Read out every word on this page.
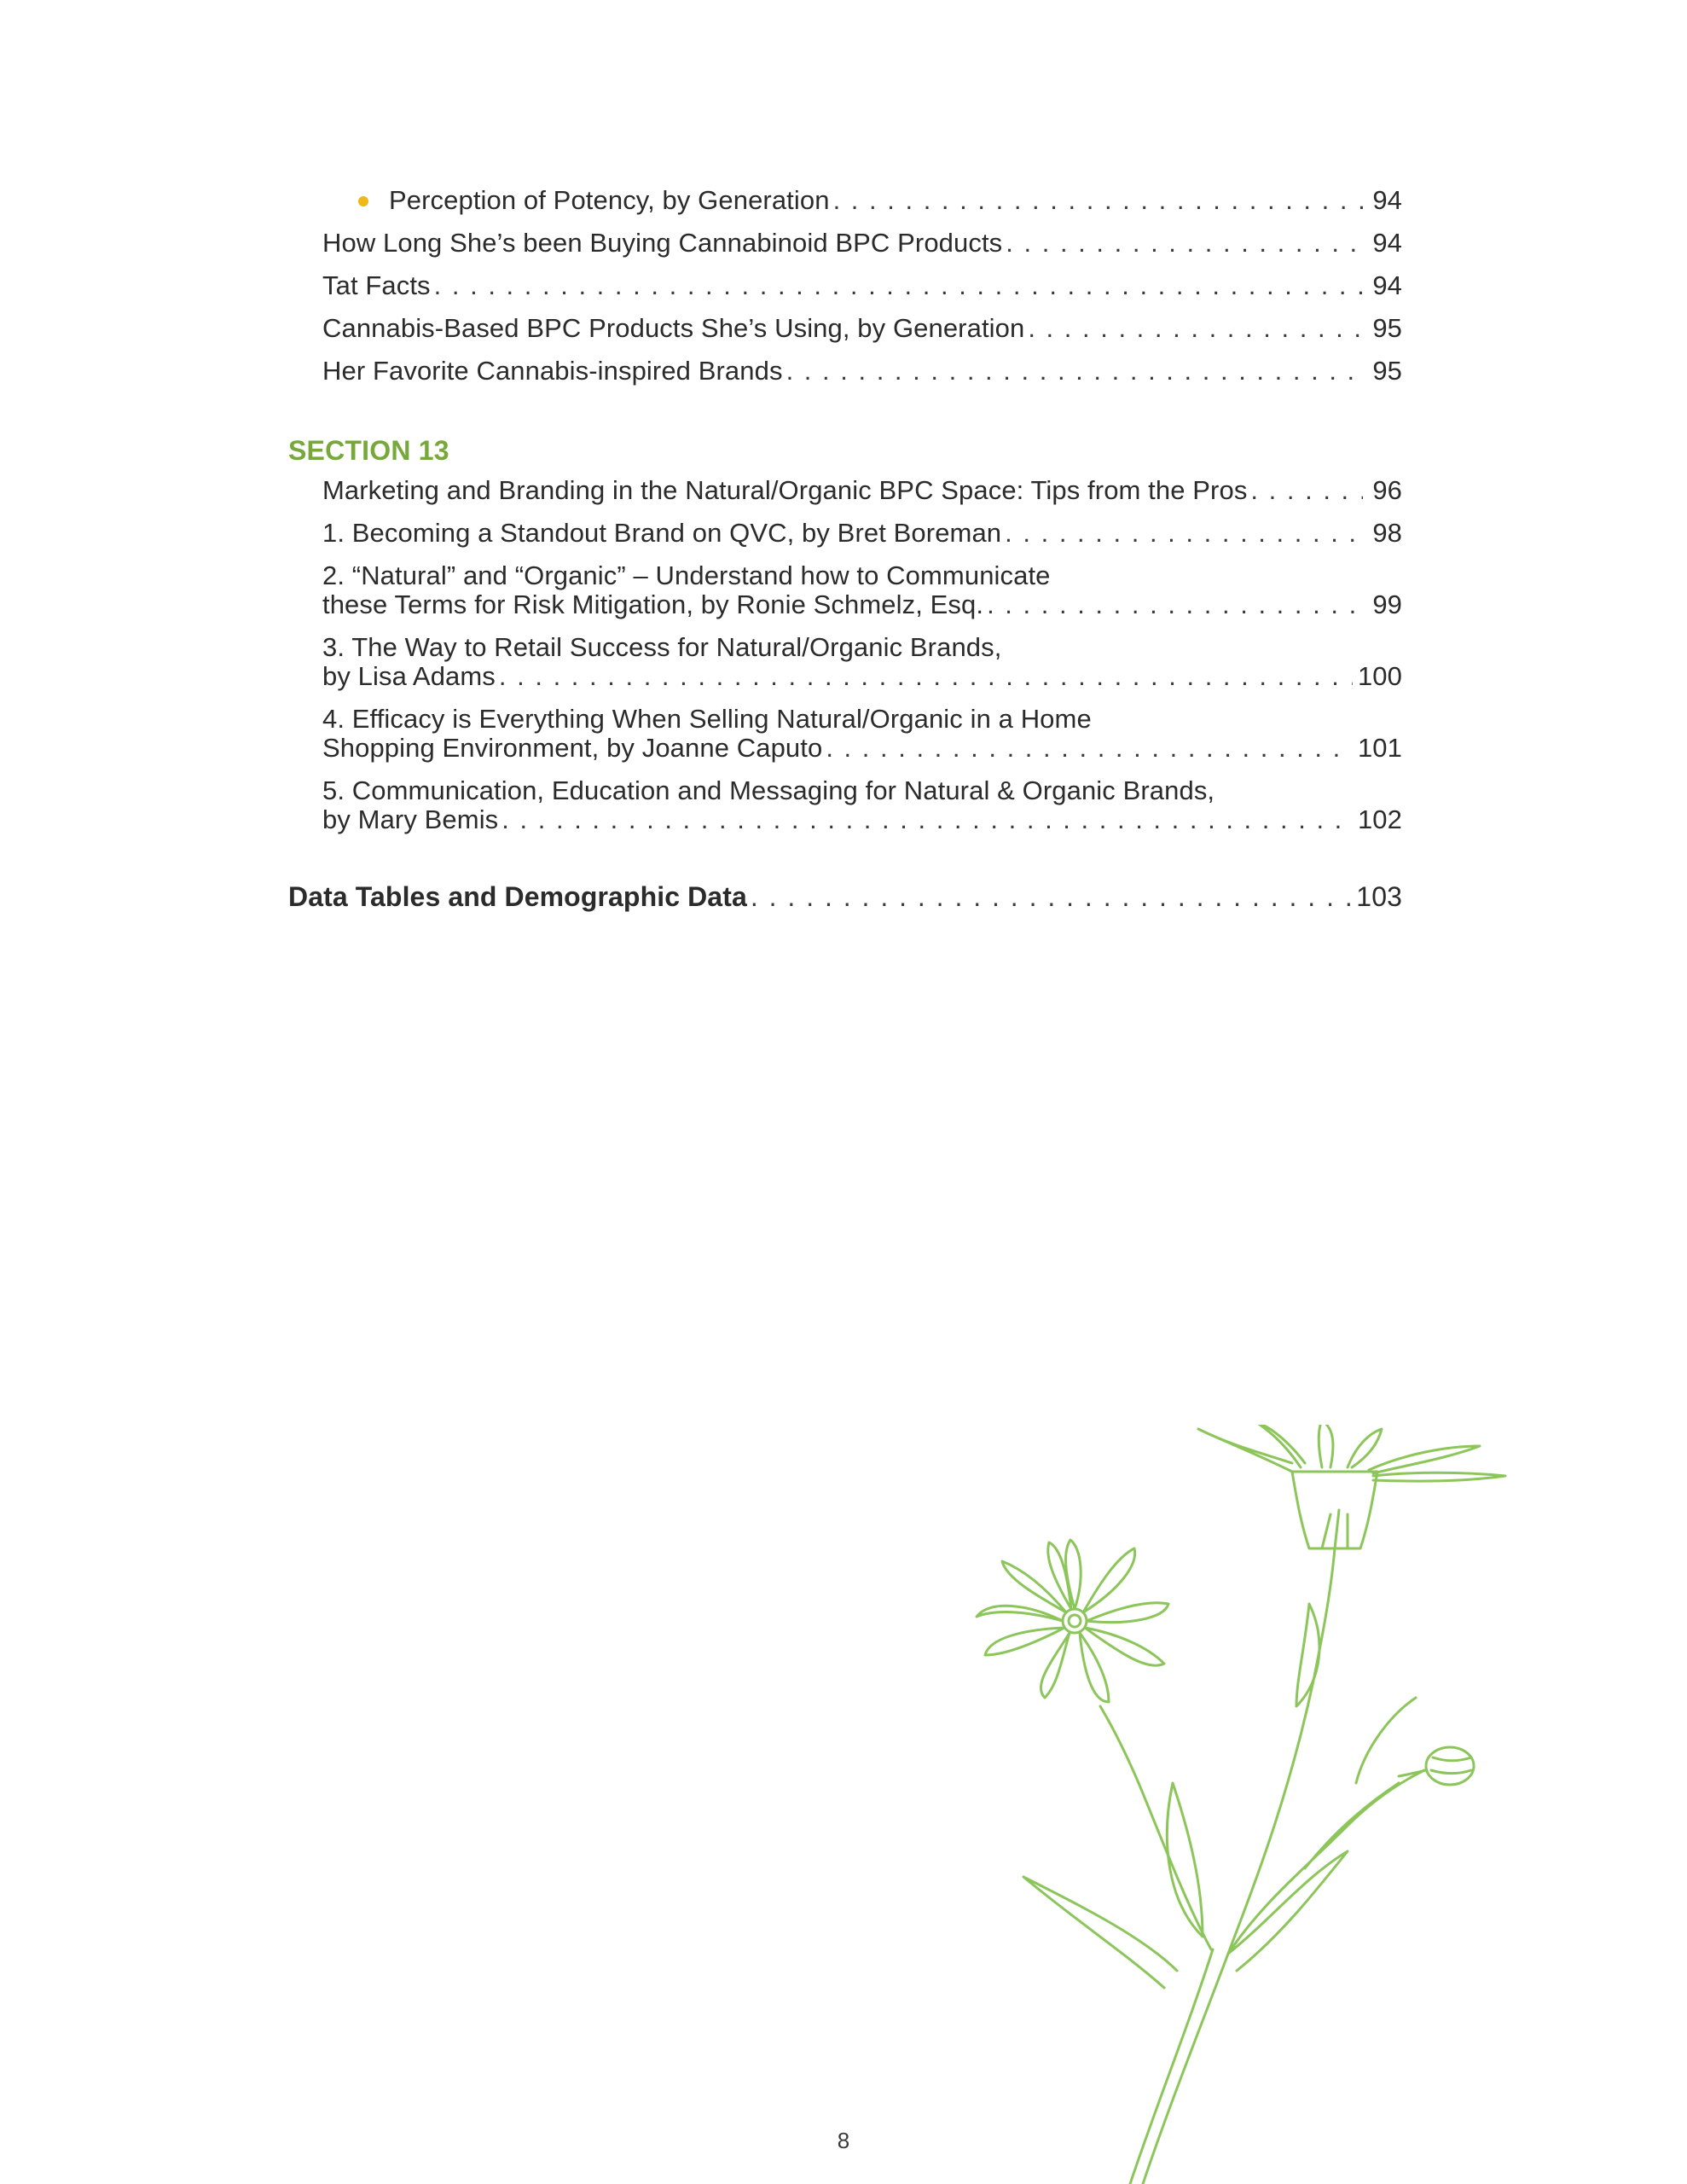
Perception of Potency, by Generation . . .	94
How Long She’s been Buying Cannabinoid BPC Products . . .	94
Tat Facts . . .	94
Cannabis-Based BPC Products She’s Using, by Generation . . .	95
Her Favorite Cannabis-inspired Brands . . .	95
SECTION 13
Marketing and Branding in the Natural/Organic BPC Space: Tips from the Pros . . .	96
1. Becoming a Standout Brand on QVC, by Bret Boreman . . .	98
2. “Natural” and “Organic” – Understand how to Communicate
these Terms for Risk Mitigation, by Ronie Schmelz, Esq. . . .	99
3. The Way to Retail Success for Natural/Organic Brands,
by Lisa Adams . . .	100
4. Efficacy is Everything When Selling Natural/Organic in a Home
Shopping Environment, by Joanne Caputo . . .	101
5. Communication, Education and Messaging for Natural & Organic Brands,
by Mary Bemis . . .	102
Data Tables and Demographic Data . . .	103
8
